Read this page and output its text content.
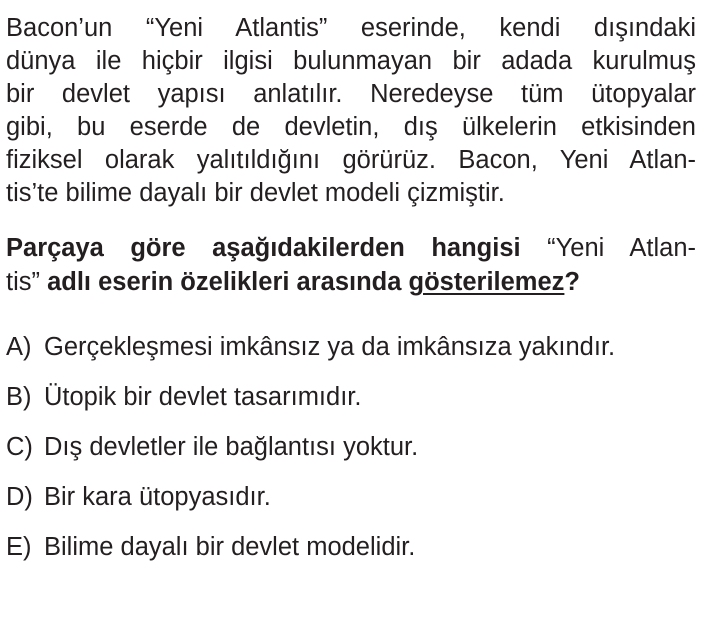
Bacon’un “Yeni Atlantis” eserinde, kendi dışındaki
dünya ile hiçbir ilgisi bulunmayan bir adada kurulmuş
bir devlet yapısı anlatılır. Neredeyse tüm ütopyalar
gibi, bu eserde de devletin, dış ülkelerin etkisinden
fiziksel olarak yalıtıldığını görürüz. Bacon, Yeni Atlan-
tis’te bilime dayalı bir devlet modeli çizmiştir.

Parçaya göre aşağıdakilerden hangisi “Yeni Atlan-
tis” adlı eserin özelikleri arasında gösterilemez?

A) Gerçekleşmesi imkânsız ya da imkânsıza yakındır.
B) Ütopik bir devlet tasarımıdır.
C) Dış devletler ile bağlantısı yoktur.
D) Bir kara ütopyasıdır.
E) Bilime dayalı bir devlet modelidir.
